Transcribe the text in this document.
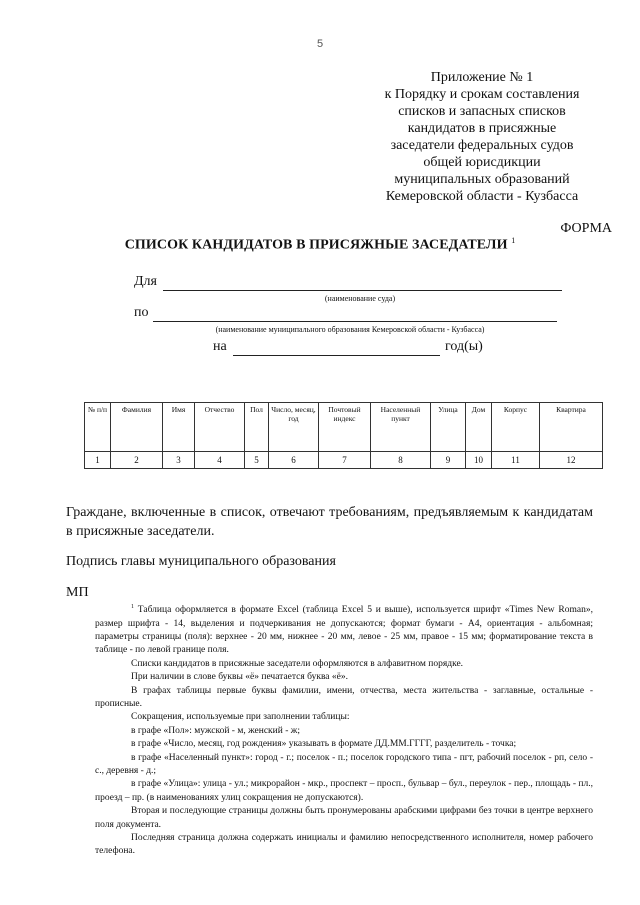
5
Приложение № 1
к Порядку и срокам составления
списков и запасных списков
кандидатов в присяжные
заседатели федеральных судов
общей юрисдикции
муниципальных образований
Кемеровской области - Кузбасса
ФОРМА
СПИСОК КАНДИДАТОВ В ПРИСЯЖНЫЕ ЗАСЕДАТЕЛИ $^1$
Для
(наименование суда)
по
(наименование муниципального образования Кемеровской области - Кузбасса)
на	год(ы)
№ п/п	Фамилия	Имя	Отчество	Пол	Число, месяц, год	Почтовый индекс	Населенный пункт	Улица	Дом	Корпус	Квартира
1	2	3	4	5	6	7	8	9	10	11	12
Граждане, включенные в список, отвечают требованиям, предъявляемым к кандидатам в присяжные заседатели.
Подпись главы муниципального образования
МП

$^1$ Таблица оформляется в формате Excel (таблица Excel 5 и выше), используется шрифт «Times New Roman», размер шрифта - 14, выделения и подчеркивания не допускаются; формат бумаги - А4, ориентация - альбомная; параметры страницы (поля): верхнее - 20 мм, нижнее - 20 мм, левое - 25 мм, правое - 15 мм; форматирование текста в таблице - по левой границе поля.

Списки кандидатов в присяжные заседатели оформляются в алфавитном порядке.

При наличии в слове буквы «ё» печатается буква «ё».

В графах таблицы первые буквы фамилии, имени, отчества, места жительства - заглавные, остальные - прописные.

Сокращения, используемые при заполнении таблицы:

в графе «Пол»: мужской - м, женский - ж;

в графе «Число, месяц, год рождения» указывать в формате ДД.ММ.ГГГГ, разделитель - точка;

в графе «Населенный пункт»: город - г.; поселок - п.; поселок городского типа - пгт, рабочий поселок - рп, село - с., деревня - д.;

в графе «Улица»: улица - ул.; микрорайон - мкр., проспект – просп., бульвар – бул., переулок - пер., площадь - пл., проезд – пр. (в наименованиях улиц сокращения не допускаются).

Вторая и последующие страницы должны быть пронумерованы арабскими цифрами без точки в центре верхнего поля документа.

Последняя страница должна содержать инициалы и фамилию непосредственного исполнителя, номер рабочего телефона.
